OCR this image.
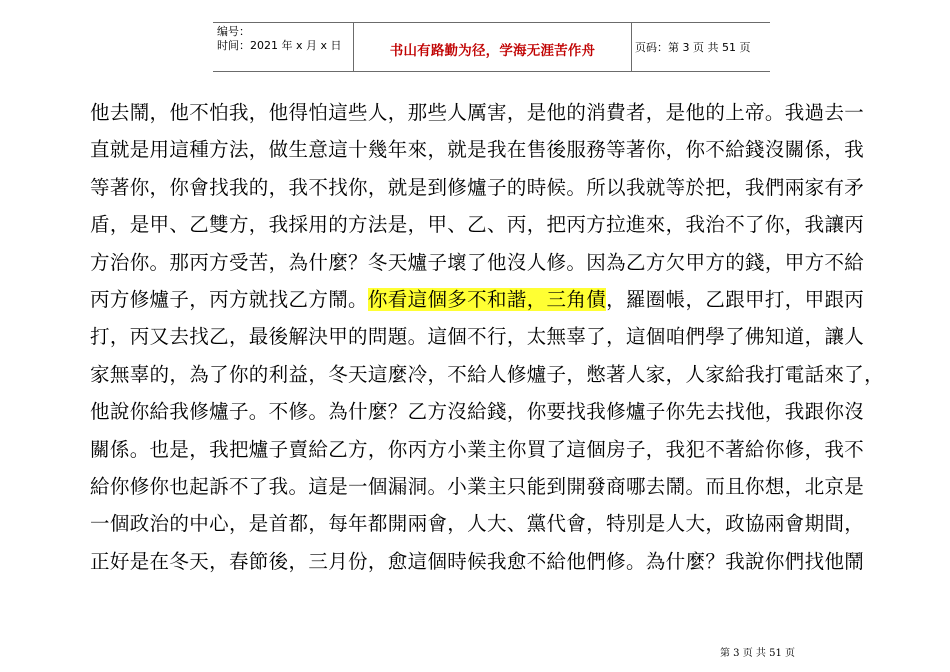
编号：
时间：2021 年 x 月 x 日	书山有路勤为径，学海无涯苦作舟	页码：第 3 页 共 51 页
他去鬧，他不怕我，他得怕這些人，那些人厲害，是他的消費者，是他的上帝。我過去一
直就是用這種方法，做生意這十幾年來，就是我在售後服務等著你，你不給錢沒關係，我
等著你，你會找我的，我不找你，就是到修爐子的時候。所以我就等於把，我們兩家有矛
盾，是甲、乙雙方，我採用的方法是，甲、乙、丙，把丙方拉進來，我治不了你，我讓丙
方治你。那丙方受苦，為什麼？冬天爐子壞了他沒人修。因為乙方欠甲方的錢，甲方不給
丙方修爐子，丙方就找乙方鬧。你看這個多不和諧，三角債，羅圈帳，乙跟甲打，甲跟丙
打，丙又去找乙，最後解決甲的問題。這個不行，太無辜了，這個咱們學了佛知道，讓人
家無辜的，為了你的利益，冬天這麼冷，不給人修爐子，憋著人家，人家給我打電話來了，
他說你給我修爐子。不修。為什麼？乙方沒給錢，你要找我修爐子你先去找他，我跟你沒
關係。也是，我把爐子賣給乙方，你丙方小業主你買了這個房子，我犯不著給你修，我不
給你修你也起訴不了我。這是一個漏洞。小業主只能到開發商哪去鬧。而且你想，北京是
一個政治的中心，是首都，每年都開兩會，人大、黨代會，特別是人大，政協兩會期間，
正好是在冬天，春節後，三月份，愈這個時候我愈不給他們修。為什麼？我說你們找他鬧
第 3 页 共 51 页
